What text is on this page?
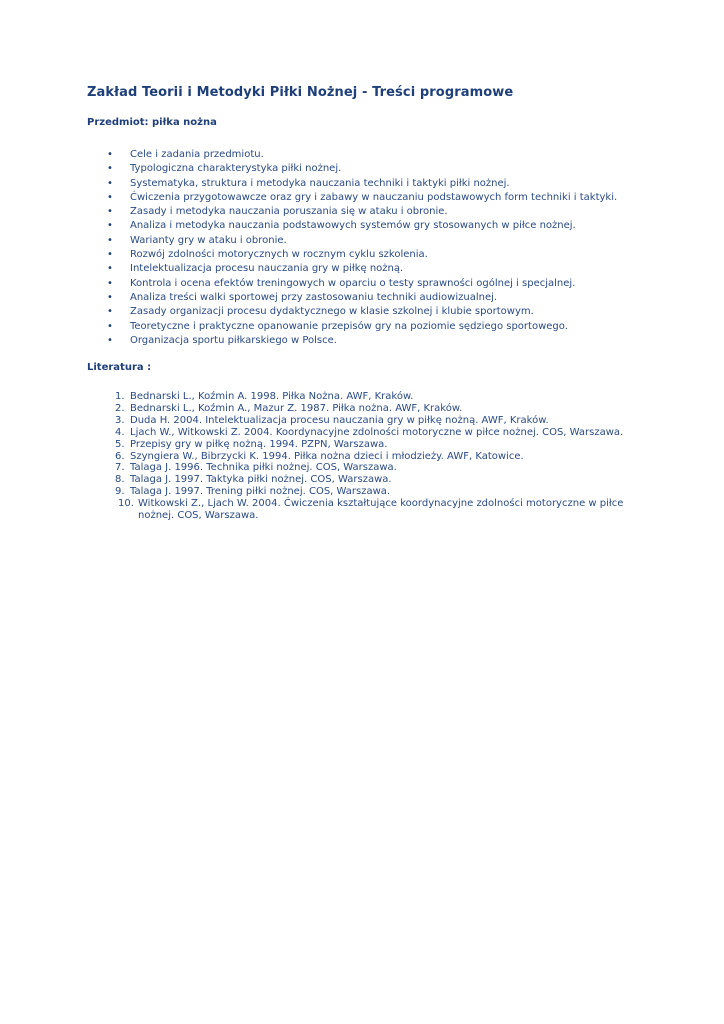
Zakład Teorii i Metodyki Piłki Nożnej - Treści programowe
Przedmiot: piłka nożna
• Cele i zadania przedmiotu.
• Typologiczna charakterystyka piłki nożnej.
• Systematyka, struktura i metodyka nauczania techniki i taktyki piłki nożnej.
• Ćwiczenia przygotowawcze oraz gry i zabawy w nauczaniu podstawowych form techniki i taktyki.
• Zasady i metodyka nauczania poruszania się w ataku i obronie.
• Analiza i metodyka nauczania podstawowych systemów gry stosowanych w piłce nożnej.
• Warianty gry w ataku i obronie.
• Rozwój zdolności motorycznych w rocznym cyklu szkolenia.
• Intelektualizacja procesu nauczania gry w piłkę nożną.
• Kontrola i ocena efektów treningowych w oparciu o testy sprawności ogólnej i specjalnej.
• Analiza treści walki sportowej przy zastosowaniu techniki audiowizualnej.
• Zasady organizacji procesu dydaktycznego w klasie szkolnej i klubie sportowym.
• Teoretyczne i praktyczne opanowanie przepisów gry na poziomie sędziego sportowego.
• Organizacja sportu piłkarskiego w Polsce.
Literatura :
1. Bednarski L., Koźmin A. 1998. Piłka Nożna. AWF, Kraków.
2. Bednarski L., Koźmin A., Mazur Z. 1987. Piłka nożna. AWF, Kraków.
3. Duda H. 2004. Intelektualizacja procesu nauczania gry w piłkę nożną. AWF, Kraków.
4. Ljach W., Witkowski Z. 2004. Koordynacyjne zdolności motoryczne w piłce nożnej. COS, Warszawa.
5. Przepisy gry w piłkę nożną. 1994. PZPN, Warszawa.
6. Szyngiera W., Bibrzycki K. 1994. Piłka nożna dzieci i młodzieży. AWF, Katowice.
7. Talaga J. 1996. Technika piłki nożnej. COS, Warszawa.
8. Talaga J. 1997. Taktyka piłki nożnej. COS, Warszawa.
9. Talaga J. 1997. Trening piłki nożnej. COS, Warszawa.
10. Witkowski Z., Ljach W. 2004. Ćwiczenia kształtujące koordynacyjne zdolności motoryczne w piłce
nożnej. COS, Warszawa.
